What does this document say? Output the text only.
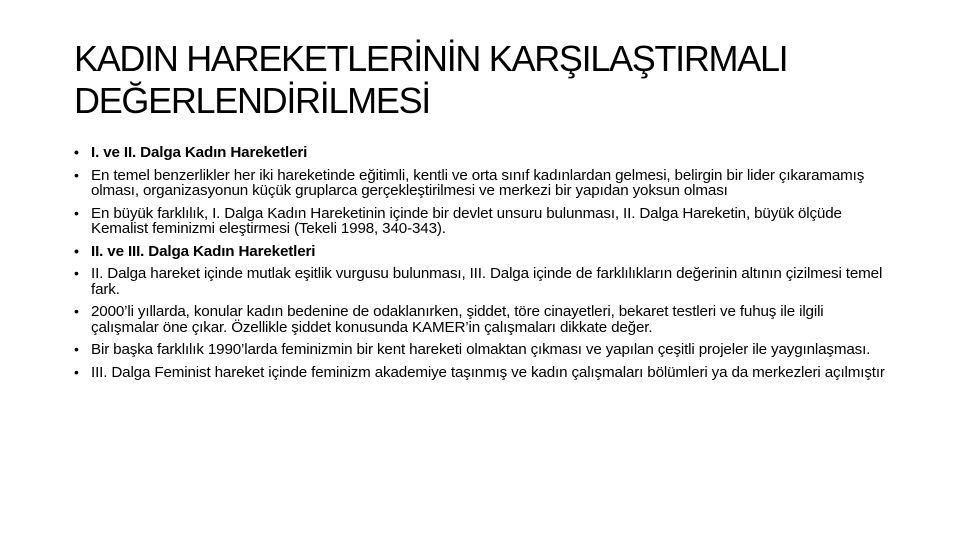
KADIN HAREKETLERİNİN KARŞILAŞTIRMALI
DEĞERLENDİRİLMESİ
• I. ve II. Dalga Kadın Hareketleri
• En temel benzerlikler her iki hareketinde eğitimli, kentli ve orta sınıf kadınlardan gelmesi, belirgin bir lider çıkaramamış olması, organizasyonun küçük gruplarca gerçekleştirilmesi ve merkezi bir yapıdan yoksun olması
• En büyük farklılık, I. Dalga Kadın Hareketinin içinde bir devlet unsuru bulunması, II. Dalga Hareketin, büyük ölçüde Kemalist feminizmi eleştirmesi (Tekeli 1998, 340-343).
• II. ve III. Dalga Kadın Hareketleri
• II. Dalga hareket içinde mutlak eşitlik vurgusu bulunması, III. Dalga içinde de farklılıkların değerinin altının çizilmesi temel fark.
• 2000’li yıllarda, konular kadın bedenine de odaklanırken, şiddet, töre cinayetleri, bekaret testleri ve fuhuş ile ilgili çalışmalar öne çıkar. Özellikle şiddet konusunda KAMER’in çalışmaları dikkate değer.
• Bir başka farklılık 1990’larda feminizmin bir kent hareketi olmaktan çıkması ve yapılan çeşitli projeler ile yaygınlaşması.
• III. Dalga Feminist hareket içinde feminizm akademiye taşınmış ve kadın çalışmaları bölümleri ya da merkezleri açılmıştır
